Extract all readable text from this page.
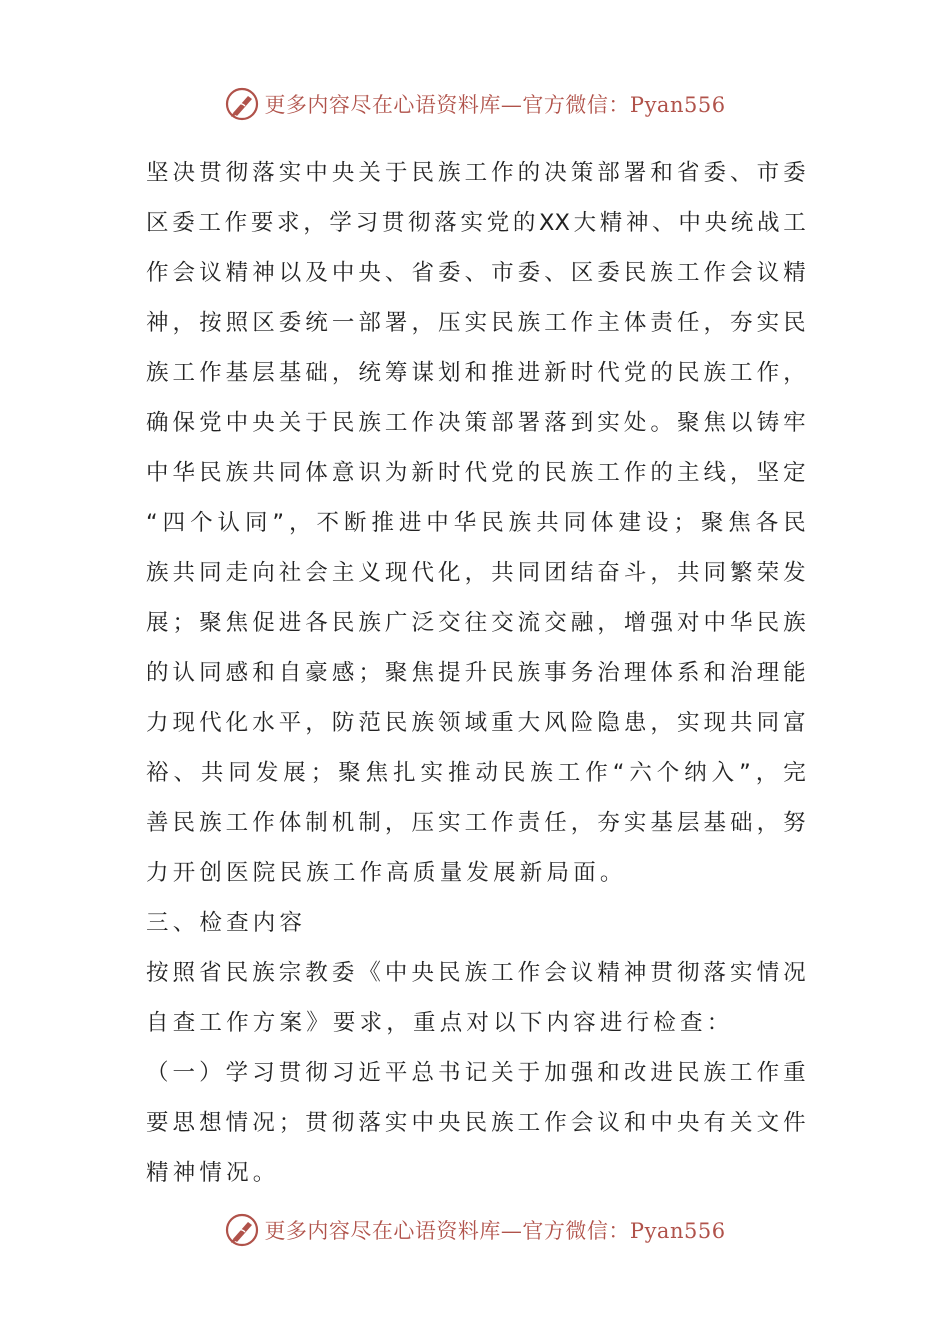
更多内容尽在心语资料库—官方微信：Pyan556
坚 决 贯 彻 落 实 中 央 关 于 民 族 工 作 的 决 策 部 署 和 省 委 、 市 委
区 委 工 作 要 求 ， 学 习 贯 彻 落 实 党 的 XX 大 精 神 、 中 央 统 战 工
作 会 议 精 神 以 及 中 央 、 省 委 、 市 委 、 区 委 民 族 工 作 会 议 精
神 ， 按 照 区 委 统 一 部 署 ， 压 实 民 族 工 作 主 体 责 任 ， 夯 实 民
族 工 作 基 层 基 础 ， 统 筹 谋 划 和 推 进 新 时 代 党 的 民 族 工 作 ，
确 保 党 中 央 关 于 民 族 工 作 决 策 部 署 落 到 实 处 。 聚 焦 以 铸 牢
中 华 民 族 共 同 体 意 识 为 新 时 代 党 的 民 族 工 作 的 主 线 ， 坚 定
“ 四 个 认 同 ” ， 不 断 推 进 中 华 民 族 共 同 体 建 设 ； 聚 焦 各 民
族 共 同 走 向 社 会 主 义 现 代 化 ， 共 同 团 结 奋 斗 ， 共 同 繁 荣 发
展 ； 聚 焦 促 进 各 民 族 广 泛 交 往 交 流 交 融 ， 增 强 对 中 华 民 族
的 认 同 感 和 自 豪 感 ； 聚 焦 提 升 民 族 事 务 治 理 体 系 和 治 理 能
力 现 代 化 水 平 ， 防 范 民 族 领 域 重 大 风 险 隐 患 ， 实 现 共 同 富
裕 、 共 同 发 展 ； 聚 焦 扎 实 推 动 民 族 工 作 “ 六 个 纳 入 ” ， 完
善 民 族 工 作 体 制 机 制 ， 压 实 工 作 责 任 ， 夯 实 基 层 基 础 ， 努
力开创医院民族工作高质量发展新局面。
三、检查内容
按 照 省 民 族 宗 教 委 《 中 央 民 族 工 作 会 议 精 神 贯 彻 落 实 情 况
自查工作方案》要求，重点对以下内容进行检查：
（ 一 ） 学 习 贯 彻 习 近 平 总 书 记 关 于 加 强 和 改 进 民 族 工 作 重
要 思 想 情 况 ； 贯 彻 落 实 中 央 民 族 工 作 会 议 和 中 央 有 关 文 件
精神情况。
更多内容尽在心语资料库—官方微信：Pyan556
